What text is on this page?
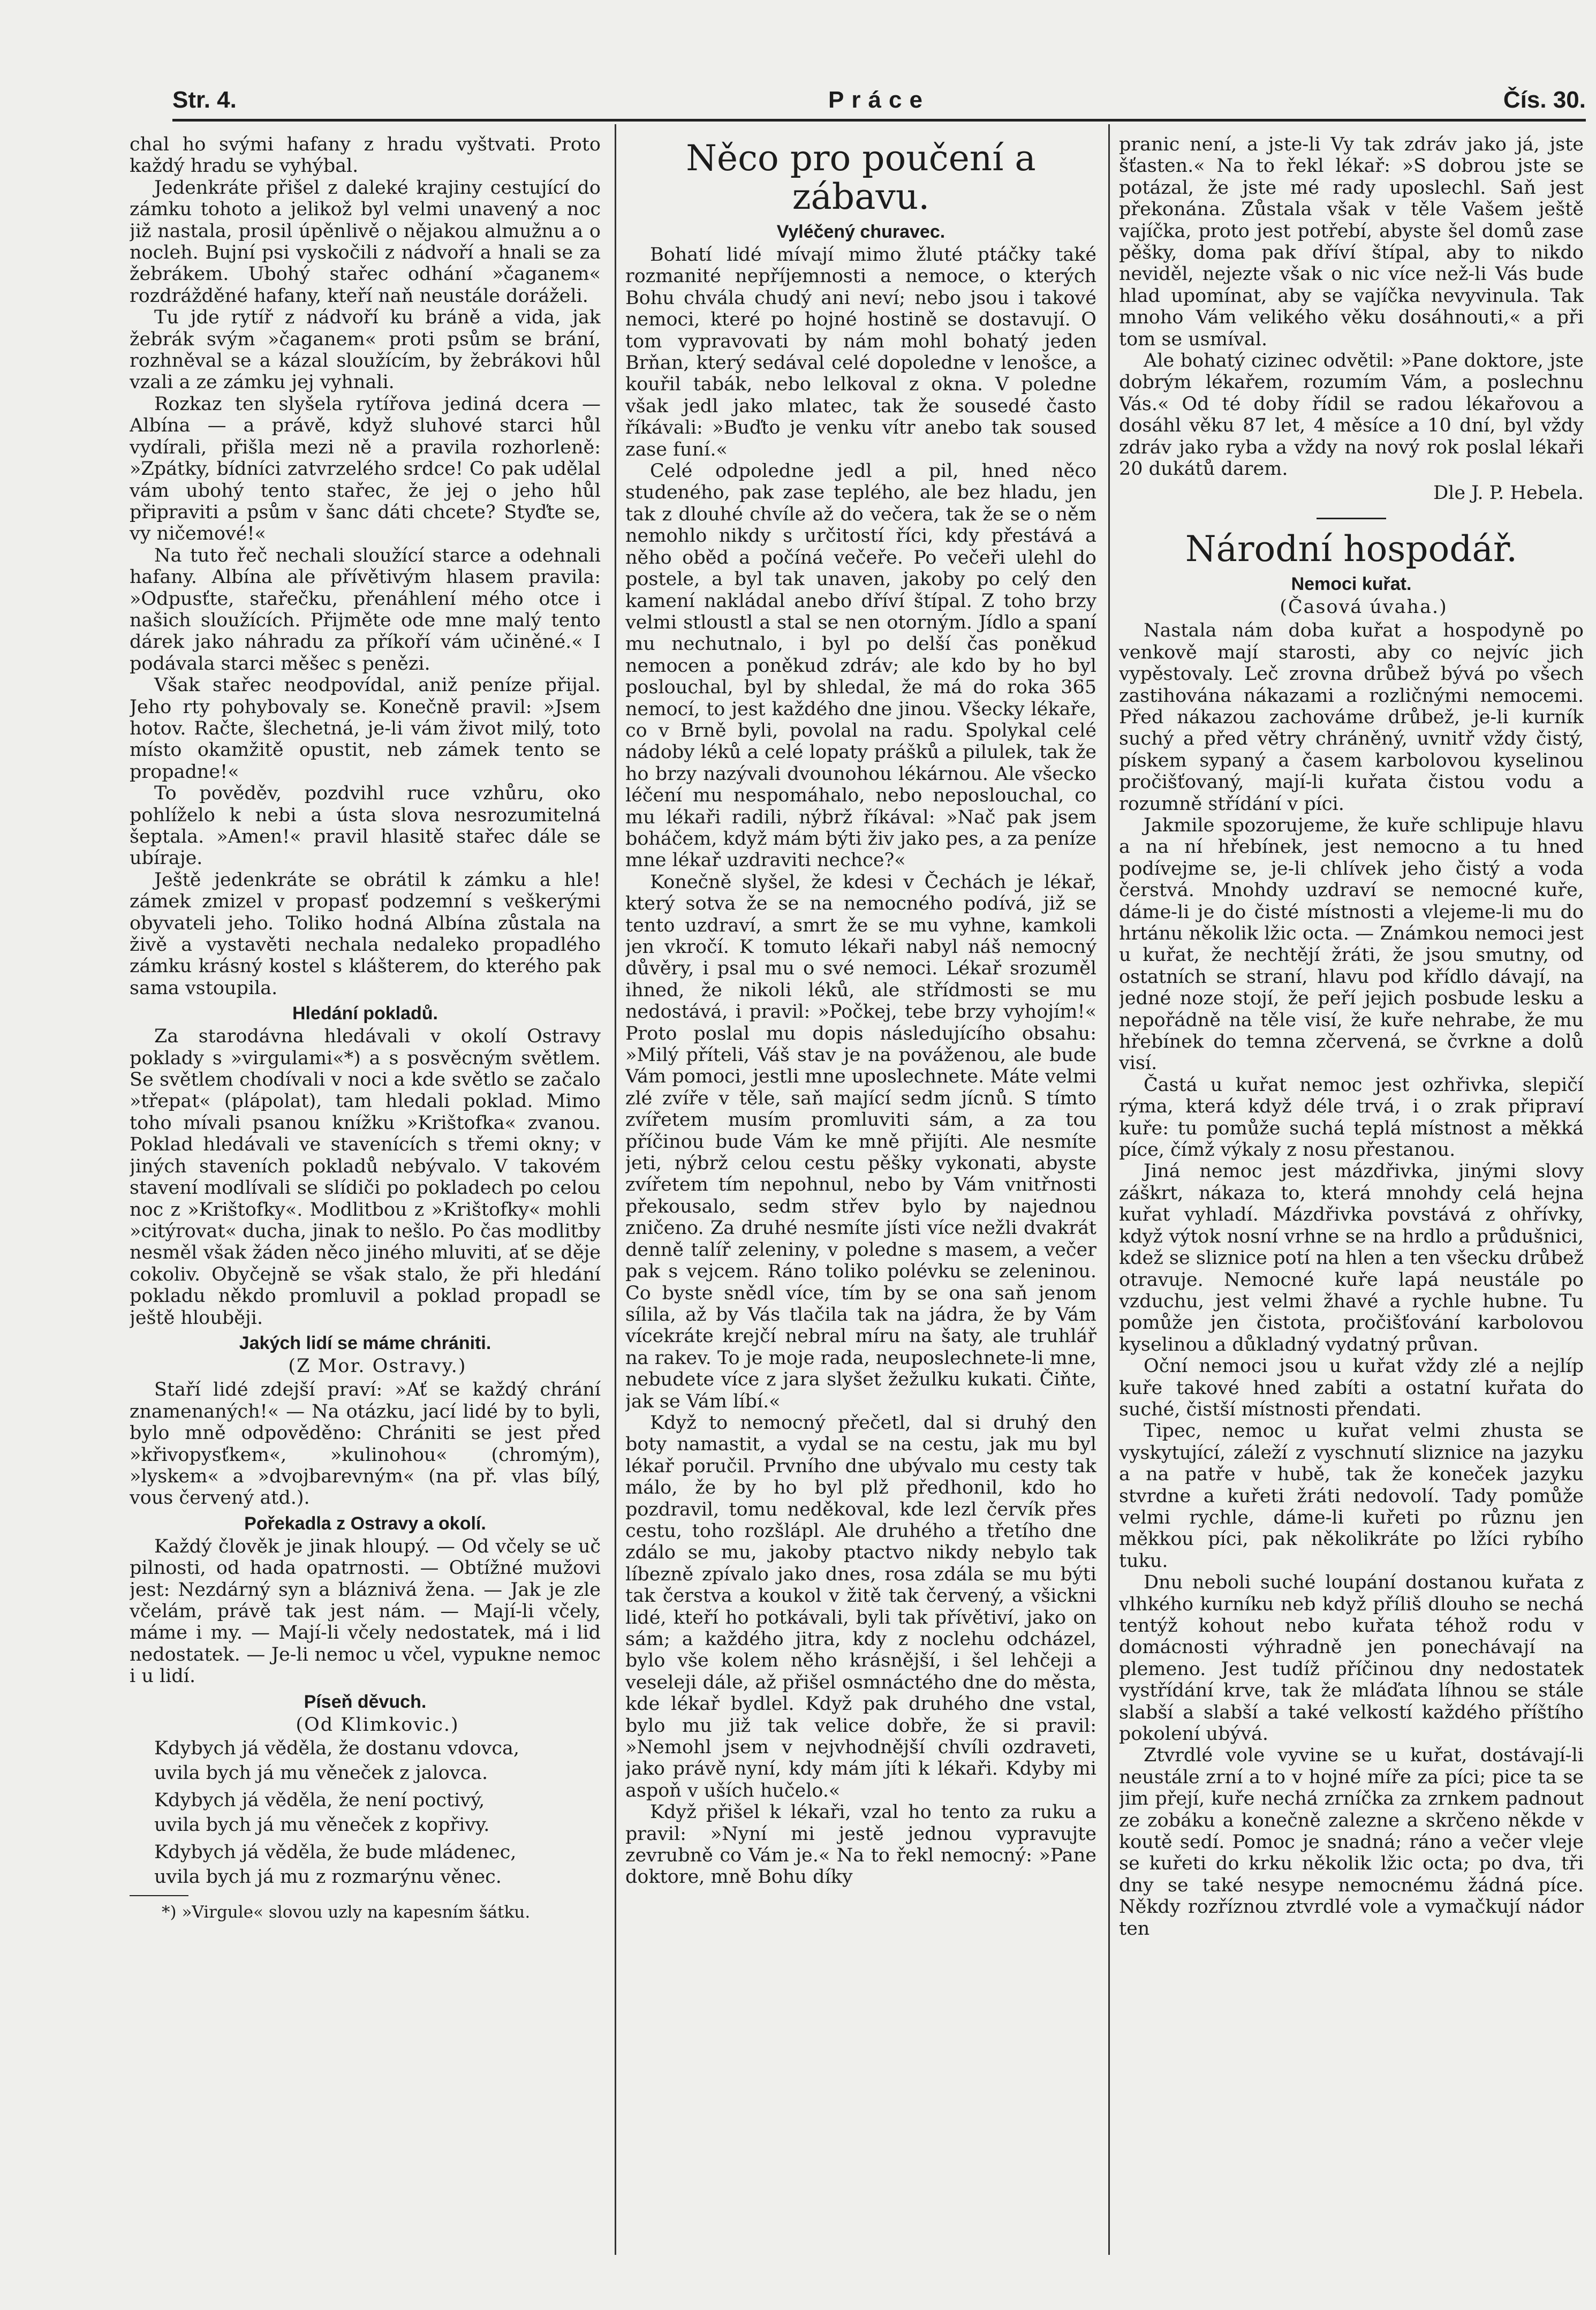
Str. 4.	Práce	Čís. 30.

chal ho svými hafany z hradu vyštvati. Proto každý hradu se vyhýbal.

Jedenkráte přišel z daleké krajiny cestující do zámku tohoto a jelikož byl velmi unavený a noc již nastala, prosil úpěnlivě o nějakou almužnu a o nocleh. Bujní psi vyskočili z nádvoří a hnali se za žebrákem. Ubohý stařec odhání »čaganem« rozdrážděné hafany, kteří naň neustále doráželi.

Tu jde rytíř z nádvoří ku bráně a vida, jak žebrák svým »čaganem« proti psům se brání, rozhněval se a kázal sloužícím, by žebrákovi hůl vzali a ze zámku jej vyhnali.

Rozkaz ten slyšela rytířova jediná dcera — Albína — a právě, když sluhové starci hůl vydírali, přišla mezi ně a pravila rozhorleně: »Zpátky, bídníci zatvrzelého srdce! Co pak udělal vám ubohý tento stařec, že jej o jeho hůl připraviti a psům v šanc dáti chcete? Styďte se, vy ničemové!«

Na tuto řeč nechali sloužící starce a odehnali hafany. Albína ale přívětivým hlasem pravila: »Odpusťte, stařečku, přenáhlení mého otce i našich sloužících. Přijměte ode mne malý tento dárek jako náhradu za příkoří vám učiněné.« I podávala starci měšec s penězi.

Však stařec neodpovídal, aniž peníze přijal. Jeho rty pohybovaly se. Konečně pravil: »Jsem hotov. Račte, šlechetná, je-li vám život milý, toto místo okamžitě opustit, neb zámek tento se propadne!«

To pověděv, pozdvihl ruce vzhůru, oko pohlíželo k nebi a ústa slova nesrozumitelná šeptala. »Amen!« pravil hlasitě stařec dále se ubíraje.

Ještě jedenkráte se obrátil k zámku a hle! zámek zmizel v propasť podzemní s veškerými obyvateli jeho. Toliko hodná Albína zůstala na živě a vystavěti nechala nedaleko propadlého zámku krásný kostel s klášterem, do kterého pak sama vstoupila.

Hledání pokladů.

Za starodávna hledávali v okolí Ostravy poklady s »virgulami«*) a s posvěcným světlem. Se světlem chodívali v noci a kde světlo se začalo »třepat« (plápolat), tam hledali poklad. Mimo toho mívali psanou knížku »Krištofka« zvanou. Poklad hledávali ve stavenících s třemi okny; v jiných staveních pokladů nebývalo. V takovém stavení modlívali se slídiči po pokladech po celou noc z »Krištofky«. Modlitbou z »Krištofky« mohli »citýrovat« ducha, jinak to nešlo. Po čas modlitby nesměl však žáden něco jiného mluviti, ať se děje cokoliv. Obyčejně se však stalo, že při hledání pokladu někdo promluvil a poklad propadl se ještě hlouběji.

Jakých lidí se máme chrániti.

(Z Mor. Ostravy.)

Staří lidé zdejší praví: »Ať se každý chrání znamenaných!« — Na otázku, jací lidé by to byli, bylo mně odpověděno: Chrániti se jest před »křivopysťkem«, »kulinohou« (chromým), »lyskem« a »dvojbarevným« (na př. vlas bílý, vous červený atd.).

Pořekadla z Ostravy a okolí.

Každý člověk je jinak hloupý. — Od včely se uč pilnosti, od hada opatrnosti. — Obtížné mužovi jest: Nezdárný syn a bláznivá žena. — Jak je zle včelám, právě tak jest nám. — Mají-li včely, máme i my. — Mají-li včely nedostatek, má i lid nedostatek. — Je-li nemoc u včel, vypukne nemoc i u lidí.

Píseň děvuch.

(Od Klimkovic.)

Kdybych já věděla, že dostanu vdovca,

uvila bych já mu věneček z jalovca.

Kdybych já věděla, že není poctivý,

uvila bych já mu věneček z kopřivy.

Kdybych já věděla, že bude mládenec,

uvila bych já mu z rozmarýnu věnec.

*) »Virgule« slovou uzly na kapesním šátku.

Něco pro poučení a zábavu.
Vyléčený churavec.

Bohatí lidé mívají mimo žluté ptáčky také rozmanité nepříjemnosti a nemoce, o kterých Bohu chvála chudý ani neví; nebo jsou i takové nemoci, které po hojné hostině se dostavují. O tom vypravovati by nám mohl bohatý jeden Brňan, který sedával celé dopoledne v lenošce, a kouřil tabák, nebo lelkoval z okna. V poledne však jedl jako mlatec, tak že sousedé často říkávali: »Buďto je venku vítr anebo tak soused zase funí.«

Celé odpoledne jedl a pil, hned něco studeného, pak zase teplého, ale bez hladu, jen tak z dlouhé chvíle až do večera, tak že se o něm nemohlo nikdy s určitostí říci, kdy přestává a něho oběd a počíná večeře. Po večeři ulehl do postele, a byl tak unaven, jakoby po celý den kamení nakládal anebo dříví štípal. Z toho brzy velmi stloustl a stal se nen otorným. Jídlo a spaní mu nechutnalo, i byl po delší čas poněkud nemocen a poněkud zdráv; ale kdo by ho byl poslouchal, byl by shledal, že má do roka 365 nemocí, to jest každého dne jinou. Všecky lékaře, co v Brně byli, povolal na radu. Spolykal celé nádoby léků a celé lopaty prášků a pilulek, tak že ho brzy nazývali dvounohou lékárnou. Ale všecko léčení mu nespomáhalo, nebo neposlouchal, co mu lékaři radili, nýbrž říkával: »Nač pak jsem boháčem, když mám býti živ jako pes, a za peníze mne lékař uzdraviti nechce?«

Konečně slyšel, že kdesi v Čechách je lékař, který sotva že se na nemocného podívá, již se tento uzdraví, a smrt že se mu vyhne, kamkoli jen vkročí. K tomuto lékaři nabyl náš nemocný důvěry, i psal mu o své nemoci. Lékař srozuměl ihned, že nikoli léků, ale střídmosti se mu nedostává, i pravil: »Počkej, tebe brzy vyhojím!« Proto poslal mu dopis následujícího obsahu: »Milý příteli, Váš stav je na pováženou, ale bude Vám pomoci, jestli mne uposlechnete. Máte velmi zlé zvíře v těle, saň mající sedm jícnů. S tímto zvířetem musím promluviti sám, a za tou příčinou bude Vám ke mně přijíti. Ale nesmíte jeti, nýbrž celou cestu pěšky vykonati, abyste zvířetem tím nepohnul, nebo by Vám vnitřnosti překousalo, sedm střev bylo by najednou zničeno. Za druhé nesmíte jísti více nežli dvakrát denně talíř zeleniny, v poledne s masem, a večer pak s vejcem. Ráno toliko polévku se zeleninou. Co byste snědl více, tím by se ona saň jenom sílila, až by Vás tlačila tak na jádra, že by Vám vícekráte krejčí nebral míru na šaty, ale truhlář na rakev. To je moje rada, neuposlechnete-li mne, nebudete více z jara slyšet žežulku kukati. Čiňte, jak se Vám líbí.«

Když to nemocný přečetl, dal si druhý den boty namastit, a vydal se na cestu, jak mu byl lékař poručil. Prvního dne ubývalo mu cesty tak málo, že by ho byl plž předhonil, kdo ho pozdravil, tomu neděkoval, kde lezl červík přes cestu, toho rozšlápl. Ale druhého a třetího dne zdálo se mu, jakoby ptactvo nikdy nebylo tak líbezně zpívalo jako dnes, rosa zdála se mu býti tak čerstva a koukol v žitě tak červený, a všickni lidé, kteří ho potkávali, byli tak přívětiví, jako on sám; a každého jitra, kdy z noclehu odcházel, bylo vše kolem něho krásnější, i šel lehčeji a veseleji dále, až přišel osmnáctého dne do města, kde lékař bydlel. Když pak druhého dne vstal, bylo mu již tak velice dobře, že si pravil: »Nemohl jsem v nejvhodnější chvíli ozdraveti, jako právě nyní, kdy mám jíti k lékaři. Kdyby mi aspoň v uších hučelo.«

Když přišel k lékaři, vzal ho tento za ruku a pravil: »Nyní mi jestě jednou vypravujte zevrubně co Vám je.« Na to řekl nemocný: »Pane doktore, mně Bohu díky

pranic není, a jste-li Vy tak zdráv jako já, jste šťasten.« Na to řekl lékař: »S dobrou jste se potázal, že jste mé rady uposlechl. Saň jest překonána. Zůstala však v těle Vašem ještě vajíčka, proto jest potřebí, abyste šel domů zase pěšky, doma pak dříví štípal, aby to nikdo neviděl, nejezte však o nic více než-li Vás bude hlad upomínat, aby se vajíčka nevyvinula. Tak mnoho Vám velikého věku dosáhnouti,« a při tom se usmíval.

Ale bohatý cizinec odvětil: »Pane doktore, jste dobrým lékařem, rozumím Vám, a poslechnu Vás.« Od té doby řídil se radou lékařovou a dosáhl věku 87 let, 4 měsíce a 10 dní, byl vždy zdráv jako ryba a vždy na nový rok poslal lékaři 20 dukátů darem.

Dle J. P. Hebela.

Národní hospodář.
Nemoci kuřat.

(Časová úvaha.)

Nastala nám doba kuřat a hospodyně po venkově mají starosti, aby co nejvíc jich vypěstovaly. Leč zrovna drůbež bývá po všech zastihována nákazami a rozličnými nemocemi. Před nákazou zachováme drůbež, je-li kurník suchý a před větry chráněný, uvnitř vždy čistý, pískem sypaný a časem karbolovou kyselinou pročišťovaný, mají-li kuřata čistou vodu a rozumně střídání v píci.

Jakmile spozorujeme, že kuře schlipuje hlavu a na ní hřebínek, jest nemocno a tu hned podívejme se, je-li chlívek jeho čistý a voda čerstvá. Mnohdy uzdraví se nemocné kuře, dáme-li je do čisté místnosti a vlejeme-li mu do hrtánu několik lžic octa. — Známkou nemoci jest u kuřat, že nechtějí žráti, že jsou smutny, od ostatních se straní, hlavu pod křídlo dávají, na jedné noze stojí, že peří jejich posbude lesku a nepořádně na těle visí, že kuře nehrabe, že mu hřebínek do temna zčervená, se čvrkne a dolů visí.

Častá u kuřat nemoc jest ozhřivka, slepičí rýma, která když déle trvá, i o zrak připraví kuře: tu pomůže suchá teplá místnost a měkká píce, čímž výkaly z nosu přestanou.

Jiná nemoc jest mázdřivka, jinými slovy záškrt, nákaza to, která mnohdy celá hejna kuřat vyhladí. Mázdřivka povstává z ohřívky, když výtok nosní vrhne se na hrdlo a průdušnici, kdež se sliznice potí na hlen a ten všecku drůbež otravuje. Nemocné kuře lapá neustále po vzduchu, jest velmi žhavé a rychle hubne. Tu pomůže jen čistota, pročišťování karbolovou kyselinou a důkladný vydatný průvan.

Oční nemoci jsou u kuřat vždy zlé a nejlíp kuře takové hned zabíti a ostatní kuřata do suché, čistší místnosti přendati.

Tipec, nemoc u kuřat velmi zhusta se vyskytující, záleží z vyschnutí sliznice na jazyku a na patře v hubě, tak že koneček jazyku stvrdne a kuřeti žráti nedovolí. Tady pomůže velmi rychle, dáme-li kuřeti po různu jen měkkou píci, pak několikráte po lžíci rybího tuku.

Dnu neboli suché loupání dostanou kuřata z vlhkého kurníku neb když příliš dlouho se nechá tentýž kohout nebo kuřata téhož rodu v domácnosti výhradně jen ponechávají na plemeno. Jest tudíž příčinou dny nedostatek vystřídání krve, tak že mláďata líhnou se stále slabší a slabší a také velkostí každého příštího pokolení ubývá.

Ztvrdlé vole vyvine se u kuřat, dostávají-li neustále zrní a to v hojné míře za píci; pice ta se jim přejí, kuře nechá zrníčka za zrnkem padnout ze zobáku a konečně zalezne a skrčeno někde v koutě sedí. Pomoc je snadná; ráno a večer vleje se kuřeti do krku několik lžic octa; po dva, tři dny se také nesype nemocnému žádná píce. Někdy rozříznou ztvrdlé vole a vymačkují nádor ten
